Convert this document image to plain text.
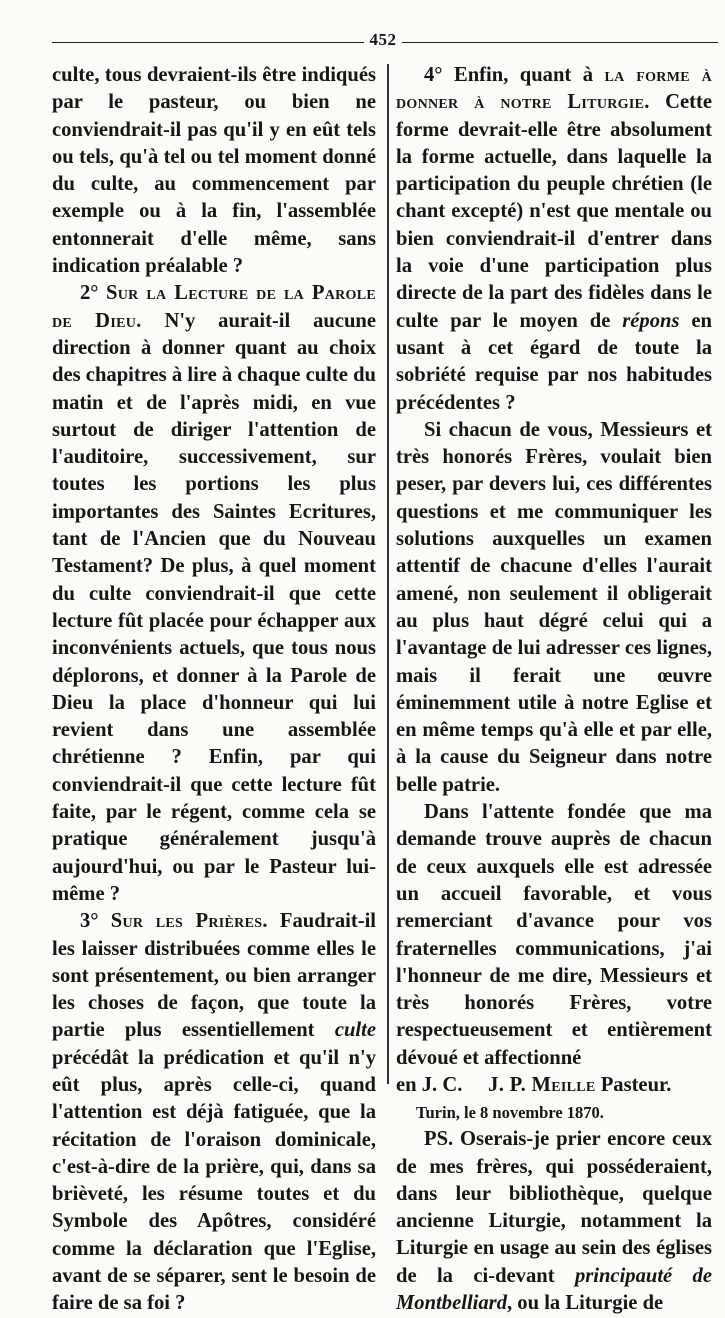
452

culte, tous devraient-ils être indiqués par le pasteur, ou bien ne conviendrait-il pas qu'il y en eût tels ou tels, qu'à tel ou tel moment donné du culte, au commencement par exemple ou à la fin, l'assemblée entonnerait d'elle même, sans indication préalable ?

2° Sur la Lecture de la Parole de Dieu. N'y aurait-il aucune direction à donner quant au choix des chapitres à lire à chaque culte du matin et de l'après midi, en vue surtout de diriger l'attention de l'auditoire, successivement, sur toutes les portions les plus importantes des Saintes Ecritures, tant de l'Ancien que du Nouveau Testament? De plus, à quel moment du culte conviendrait-il que cette lecture fût placée pour échapper aux inconvénients actuels, que tous nous déplorons, et donner à la Parole de Dieu la place d'honneur qui lui revient dans une assemblée chrétienne ? Enfin, par qui conviendrait-il que cette lecture fût faite, par le régent, comme cela se pratique généralement jusqu'à aujourd'hui, ou par le Pasteur lui-même ?

3° Sur les Prières. Faudrait-il les laisser distribuées comme elles le sont présentement, ou bien arranger les choses de façon, que toute la partie plus essentiellement culte précédât la prédication et qu'il n'y eût plus, après celle-ci, quand l'attention est déjà fatiguée, que la récitation de l'oraison dominicale, c'est-à-dire de la prière, qui, dans sa brièveté, les résume toutes et du Symbole des Apôtres, considéré comme la déclaration que l'Eglise, avant de se séparer, sent le besoin de faire de sa foi ?

4° Enfin, quant à la forme à donner à notre Liturgie. Cette forme devrait-elle être absolument la forme actuelle, dans laquelle la participation du peuple chrétien (le chant excepté) n'est que mentale ou bien conviendrait-il d'entrer dans la voie d'une participation plus directe de la part des fidèles dans le culte par le moyen de répons en usant à cet égard de toute la sobriété requise par nos habitudes précédentes ?

Si chacun de vous, Messieurs et très honorés Frères, voulait bien peser, par devers lui, ces différentes questions et me communiquer les solutions auxquelles un examen attentif de chacune d'elles l'aurait amené, non seulement il obligerait au plus haut dégré celui qui a l'avantage de lui adresser ces lignes, mais il ferait une œuvre éminemment utile à notre Eglise et en même temps qu'à elle et par elle, à la cause du Seigneur dans notre belle patrie.

Dans l'attente fondée que ma demande trouve auprès de chacun de ceux auxquels elle est adressée un accueil favorable, et vous remerciant d'avance pour vos fraternelles communications, j'ai l'honneur de me dire, Messieurs et très honorés Frères, votre respectueusement et entièrement dévoué et affectionné

en J. C. J. P. Meille Pasteur.

Turin, le 8 novembre 1870.

PS. Oserais-je prier encore ceux de mes frères, qui posséderaient, dans leur bibliothèque, quelque ancienne Liturgie, notamment la Liturgie en usage au sein des églises de la ci-devant principauté de Montbelliard, ou la Liturgie de
